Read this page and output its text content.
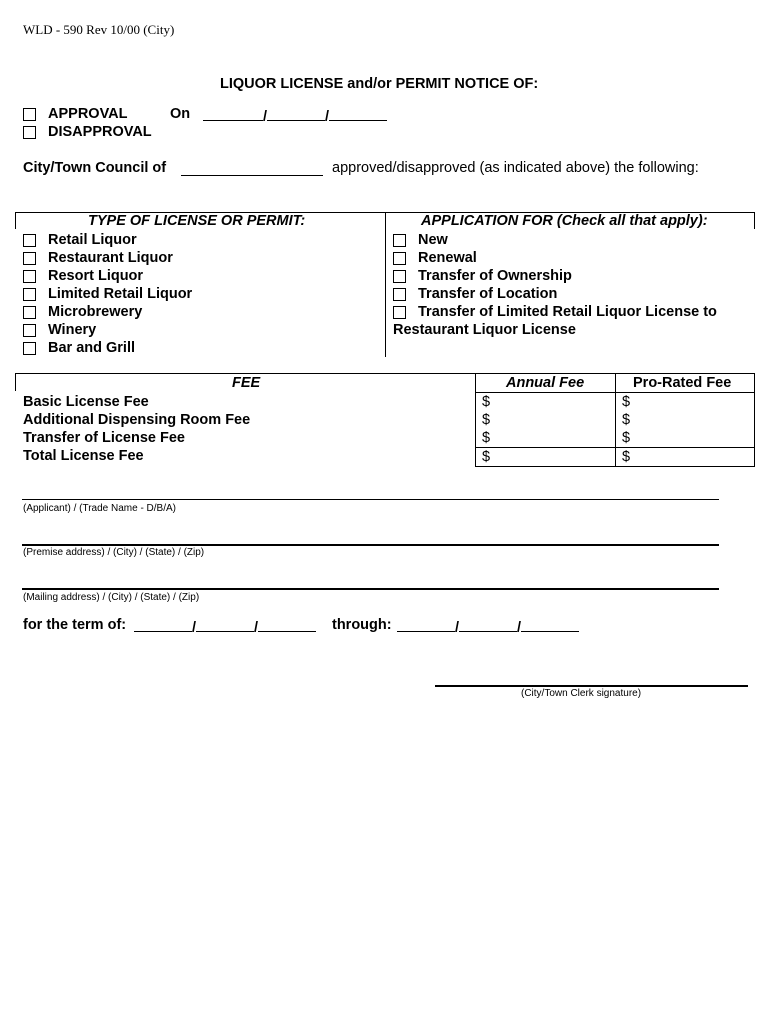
WLD - 590 Rev 10/00 (City)
LIQUOR LICENSE and/or PERMIT NOTICE OF:
APPROVAL	On	/	/
DISAPPROVAL
City/Town Council of	approved/disapproved (as indicated above) the following:
TYPE OF LICENSE OR PERMIT:	APPLICATION FOR (Check all that apply):
Retail Liquor
Restaurant Liquor
Resort Liquor
Limited Retail Liquor
Microbrewery
Winery
Bar and Grill
New
Renewal
Transfer of Ownership
Transfer of Location
Transfer of Limited Retail Liquor License to
Restaurant Liquor License
FEE	Annual Fee	Pro-Rated Fee
Basic License Fee	$	$
Additional Dispensing Room Fee	$	$
Transfer of License Fee	$	$
Total License Fee	$	$
(Applicant) / (Trade Name - D/B/A)
(Premise address) / (City) / (State) / (Zip)
(Mailing address) / (City) / (State) / (Zip)
for the term of:	/	/	through:	/	/
(City/Town Clerk signature)
